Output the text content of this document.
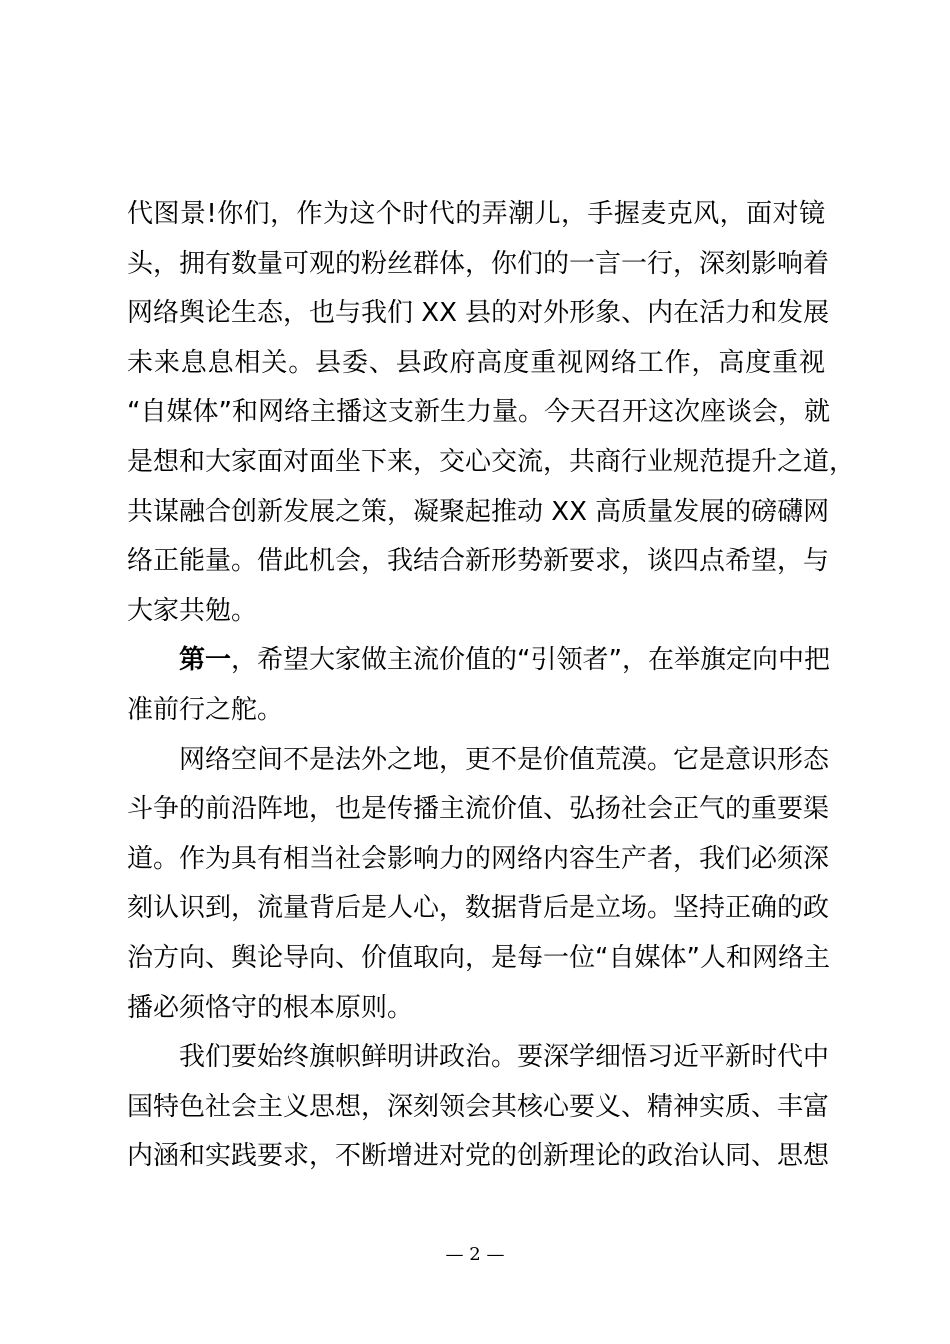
代图景!你们，作为这个时代的弄潮儿，手握麦克风，面对镜
头，拥有数量可观的粉丝群体，你们的一言一行，深刻影响着
网络舆论生态，也与我们 XX 县的对外形象、内在活力和发展
未来息息相关。县委、县政府高度重视网络工作，高度重视
“自媒体”和网络主播这支新生力量。今天召开这次座谈会，就
是想和大家面对面坐下来，交心交流，共商行业规范提升之道，
共谋融合创新发展之策，凝聚起推动 XX 高质量发展的磅礴网
络正能量。借此机会，我结合新形势新要求，谈四点希望，与
大家共勉。
第一，希望大家做主流价值的“引领者”，在举旗定向中把
准前行之舵。
网络空间不是法外之地，更不是价值荒漠。它是意识形态
斗争的前沿阵地，也是传播主流价值、弘扬社会正气的重要渠
道。作为具有相当社会影响力的网络内容生产者，我们必须深
刻认识到，流量背后是人心，数据背后是立场。坚持正确的政
治方向、舆论导向、价值取向，是每一位“自媒体”人和网络主
播必须恪守的根本原则。
我们要始终旗帜鲜明讲政治。要深学细悟习近平新时代中
国特色社会主义思想，深刻领会其核心要义、精神实质、丰富
内涵和实践要求，不断增进对党的创新理论的政治认同、思想
— 2 —
